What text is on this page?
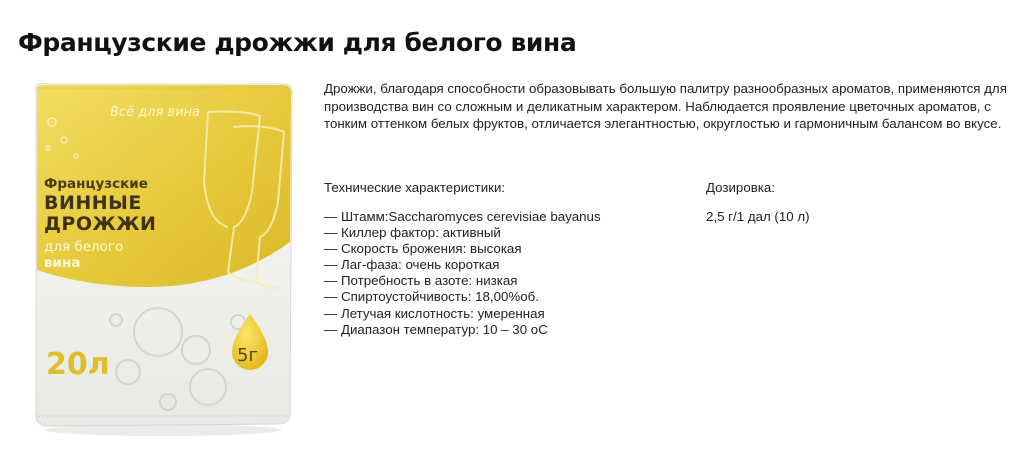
Французские дрожжи для белого вина
Всё для вина
Французские
ВИННЫЕ
ДРОЖЖИ
для белого
вина
20л	5г

Дрожжи, благодаря способности образовывать большую палитру разнообразных ароматов, применяются для производства вин со сложным и деликатным характером. Наблюдается проявление цветочных ароматов, с тонким оттенком белых фруктов, отличается элегантностью, округлостью и гармоничным балансом во вкусе.

Технические характеристики:
— Штамм:Saccharomyces cerevisiae bayanus
— Киллер фактор: активный
— Скорость брожения: высокая
— Лаг-фаза: очень короткая
— Потребность в азоте: низкая
— Спиртоустойчивость: 18,00%об.
— Летучая кислотность: умеренная
— Диапазон температур: 10 – 30 оС
Дозировка:
2,5 г/1 дал (10 л)
